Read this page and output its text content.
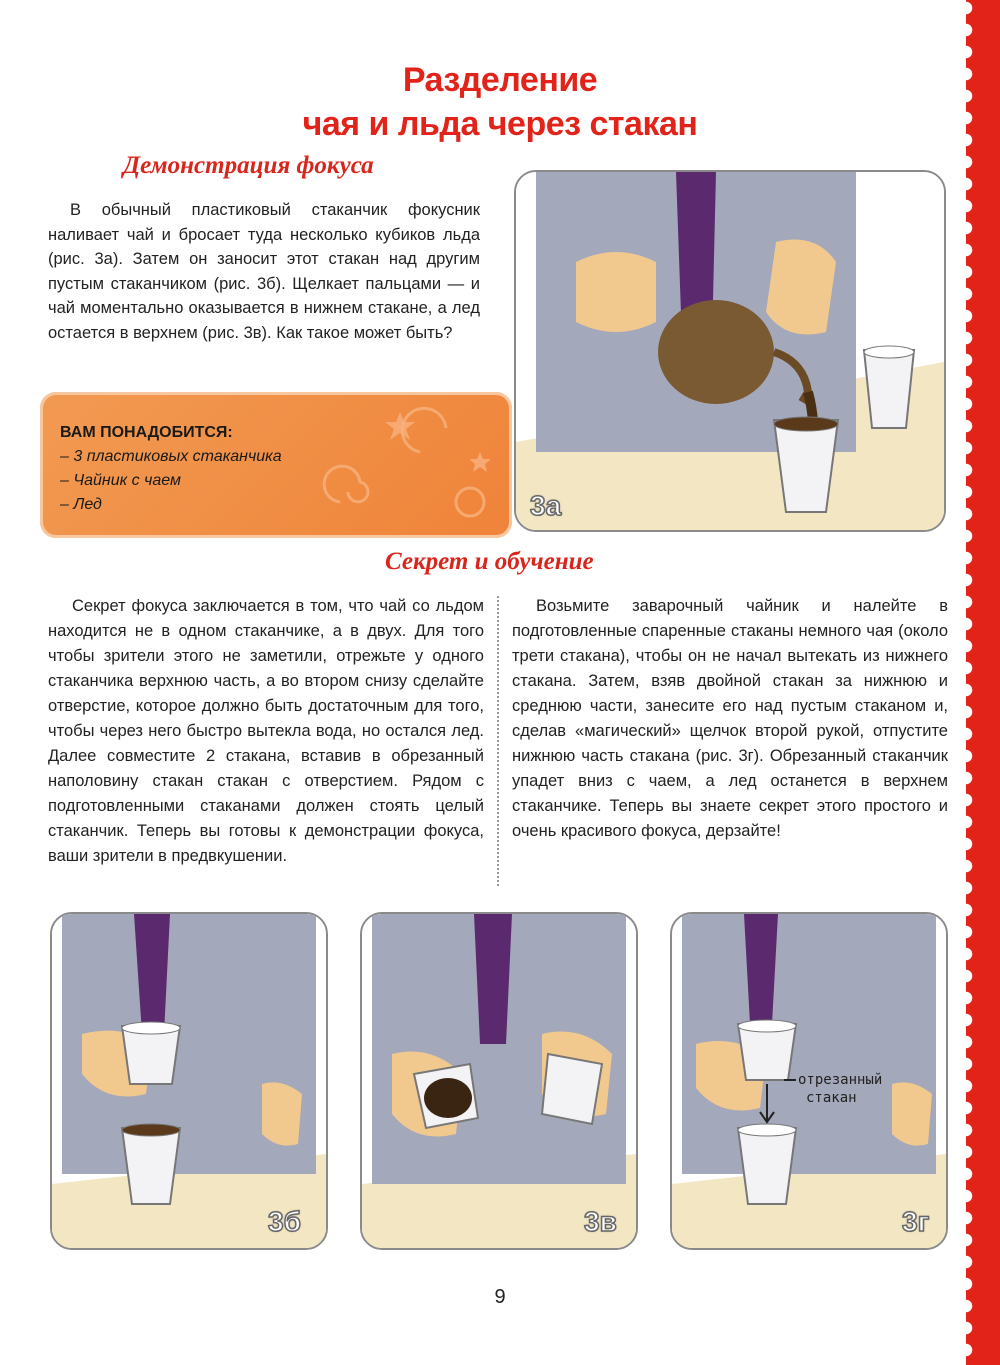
Разделение
чая и льда через стакан
Демонстрация фокуса

В обычный пластиковый стаканчик фокусник наливает чай и бросает туда несколько кубиков льда (рис. 3а). Затем он заносит этот стакан над другим пустым стаканчиком (рис. 3б). Щелкает пальцами — и чай моментально оказывается в нижнем стакане, а лед остается в верхнем (рис. 3в). Как такое может быть?

ВАМ ПОНАДОБИТСЯ:
– 3 пластиковых стаканчика
– Чайник с чаем
– Лед	3а
Секрет и обучение

Секрет фокуса заключается в том, что чай со льдом находится не в одном стаканчике, а в двух. Для того чтобы зрители этого не заметили, отрежьте у одного стаканчика верхнюю часть, а во втором снизу сделайте отверстие, которое должно быть достаточным для того, чтобы через него быстро вытекла вода, но остался лед. Далее совместите 2 стакана, вставив в обрезанный наполовину стакан стакан с отверстием. Рядом с подготовленными стаканами должен стоять целый стаканчик. Теперь вы готовы к демонстрации фокуса, ваши зрители в предвкушении.

Возьмите заварочный чайник и налейте в подготовленные спаренные стаканы немного чая (около трети стакана), чтобы он не начал вытекать из нижнего стакана. Затем, взяв двойной стакан за нижнюю и среднюю части, занесите его над пустым стаканом и, сделав «магический» щелчок второй рукой, отпустите нижнюю часть стакана (рис. 3г). Обрезанный стаканчик упадет вниз с чаем, а лед останется в верхнем стаканчике. Теперь вы знаете секрет этого простого и очень красивого фокуса, дерзайте!

3б	3в
отрезанный
стакан
3г
9
